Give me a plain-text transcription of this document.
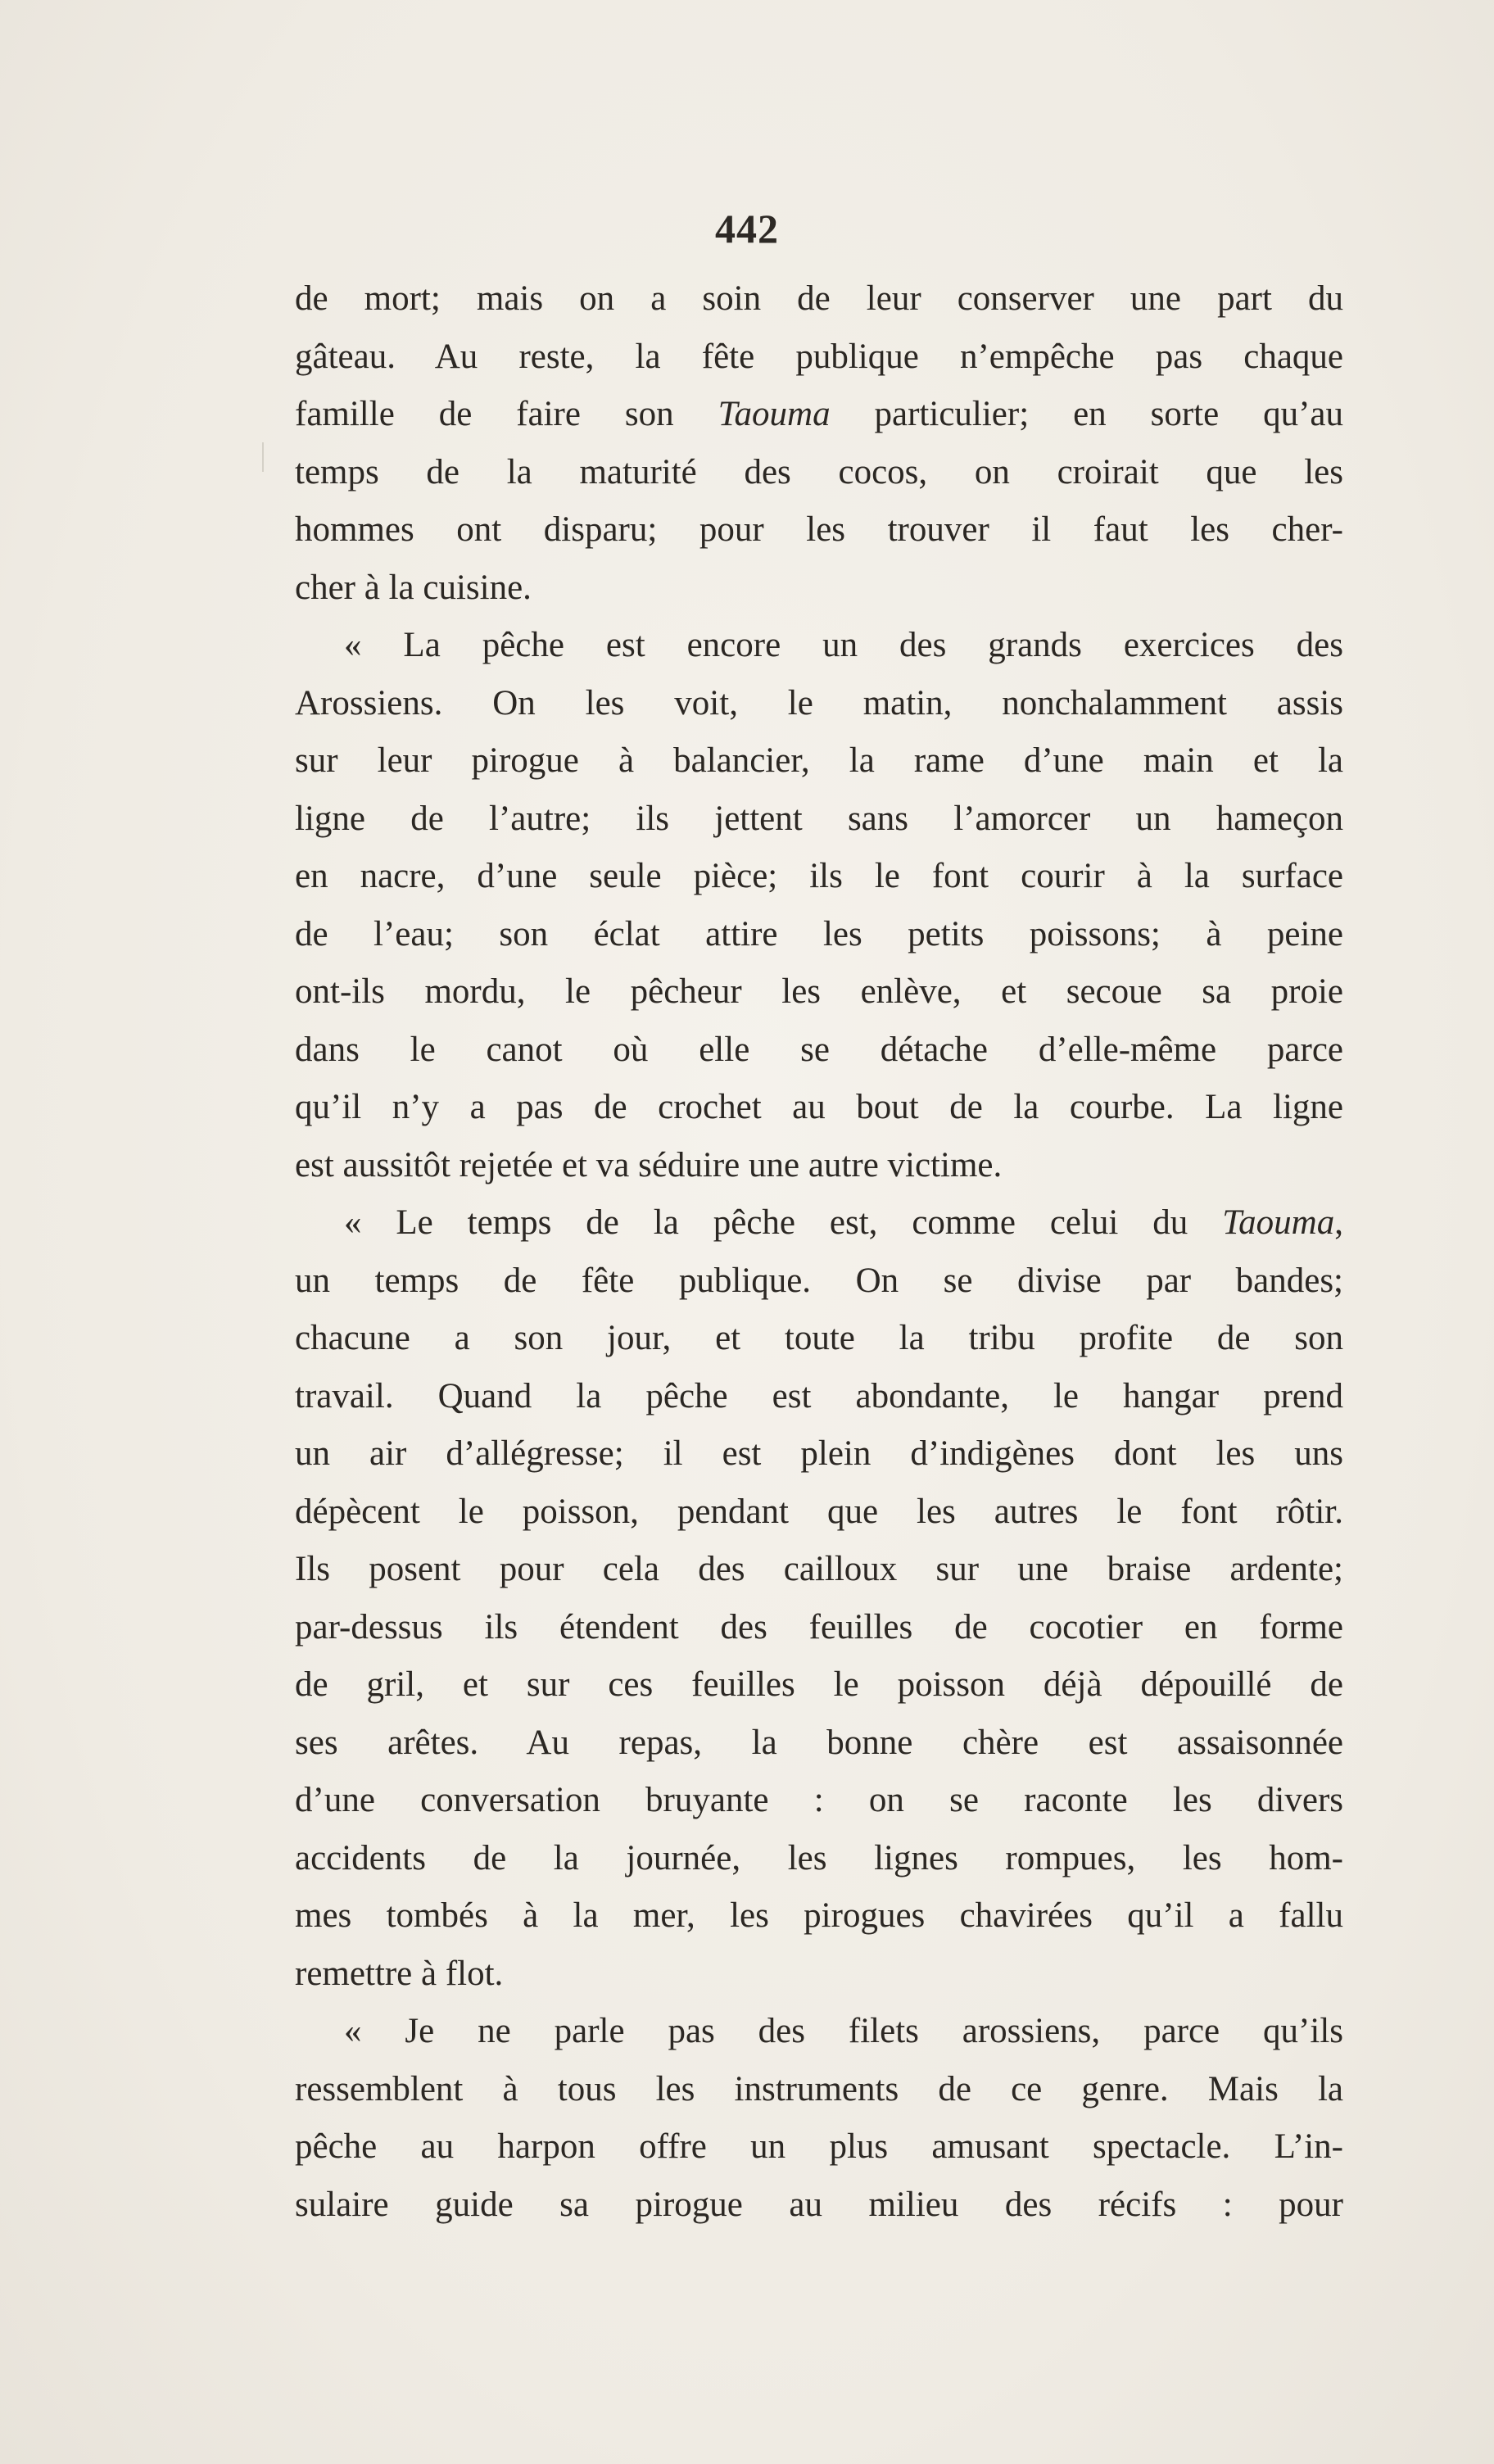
442
de mort; mais on a soin de leur conserver une part du
gâteau. Au reste, la fête publique n’empêche pas chaque
famille de faire son Taouma particulier; en sorte qu’au
temps de la maturité des cocos, on croirait que les
hommes ont disparu; pour les trouver il faut les cher-
cher à la cuisine.
« La pêche est encore un des grands exercices des
Arossiens. On les voit, le matin, nonchalamment assis
sur leur pirogue à balancier, la rame d’une main et la
ligne de l’autre; ils jettent sans l’amorcer un hameçon
en nacre, d’une seule pièce; ils le font courir à la surface
de l’eau; son éclat attire les petits poissons; à peine
ont-ils mordu, le pêcheur les enlève, et secoue sa proie
dans le canot où elle se détache d’elle-même parce
qu’il n’y a pas de crochet au bout de la courbe. La ligne
est aussitôt rejetée et va séduire une autre victime.
« Le temps de la pêche est, comme celui du Taouma,
un temps de fête publique. On se divise par bandes;
chacune a son jour, et toute la tribu profite de son
travail. Quand la pêche est abondante, le hangar prend
un air d’allégresse; il est plein d’indigènes dont les uns
dépècent le poisson, pendant que les autres le font rôtir.
Ils posent pour cela des cailloux sur une braise ardente;
par-dessus ils étendent des feuilles de cocotier en forme
de gril, et sur ces feuilles le poisson déjà dépouillé de
ses arêtes. Au repas, la bonne chère est assaisonnée
d’une conversation bruyante : on se raconte les divers
accidents de la journée, les lignes rompues, les hom-
mes tombés à la mer, les pirogues chavirées qu’il a fallu
remettre à flot.
« Je ne parle pas des filets arossiens, parce qu’ils
ressemblent à tous les instruments de ce genre. Mais la
pêche au harpon offre un plus amusant spectacle. L’in-
sulaire guide sa pirogue au milieu des récifs : pour
